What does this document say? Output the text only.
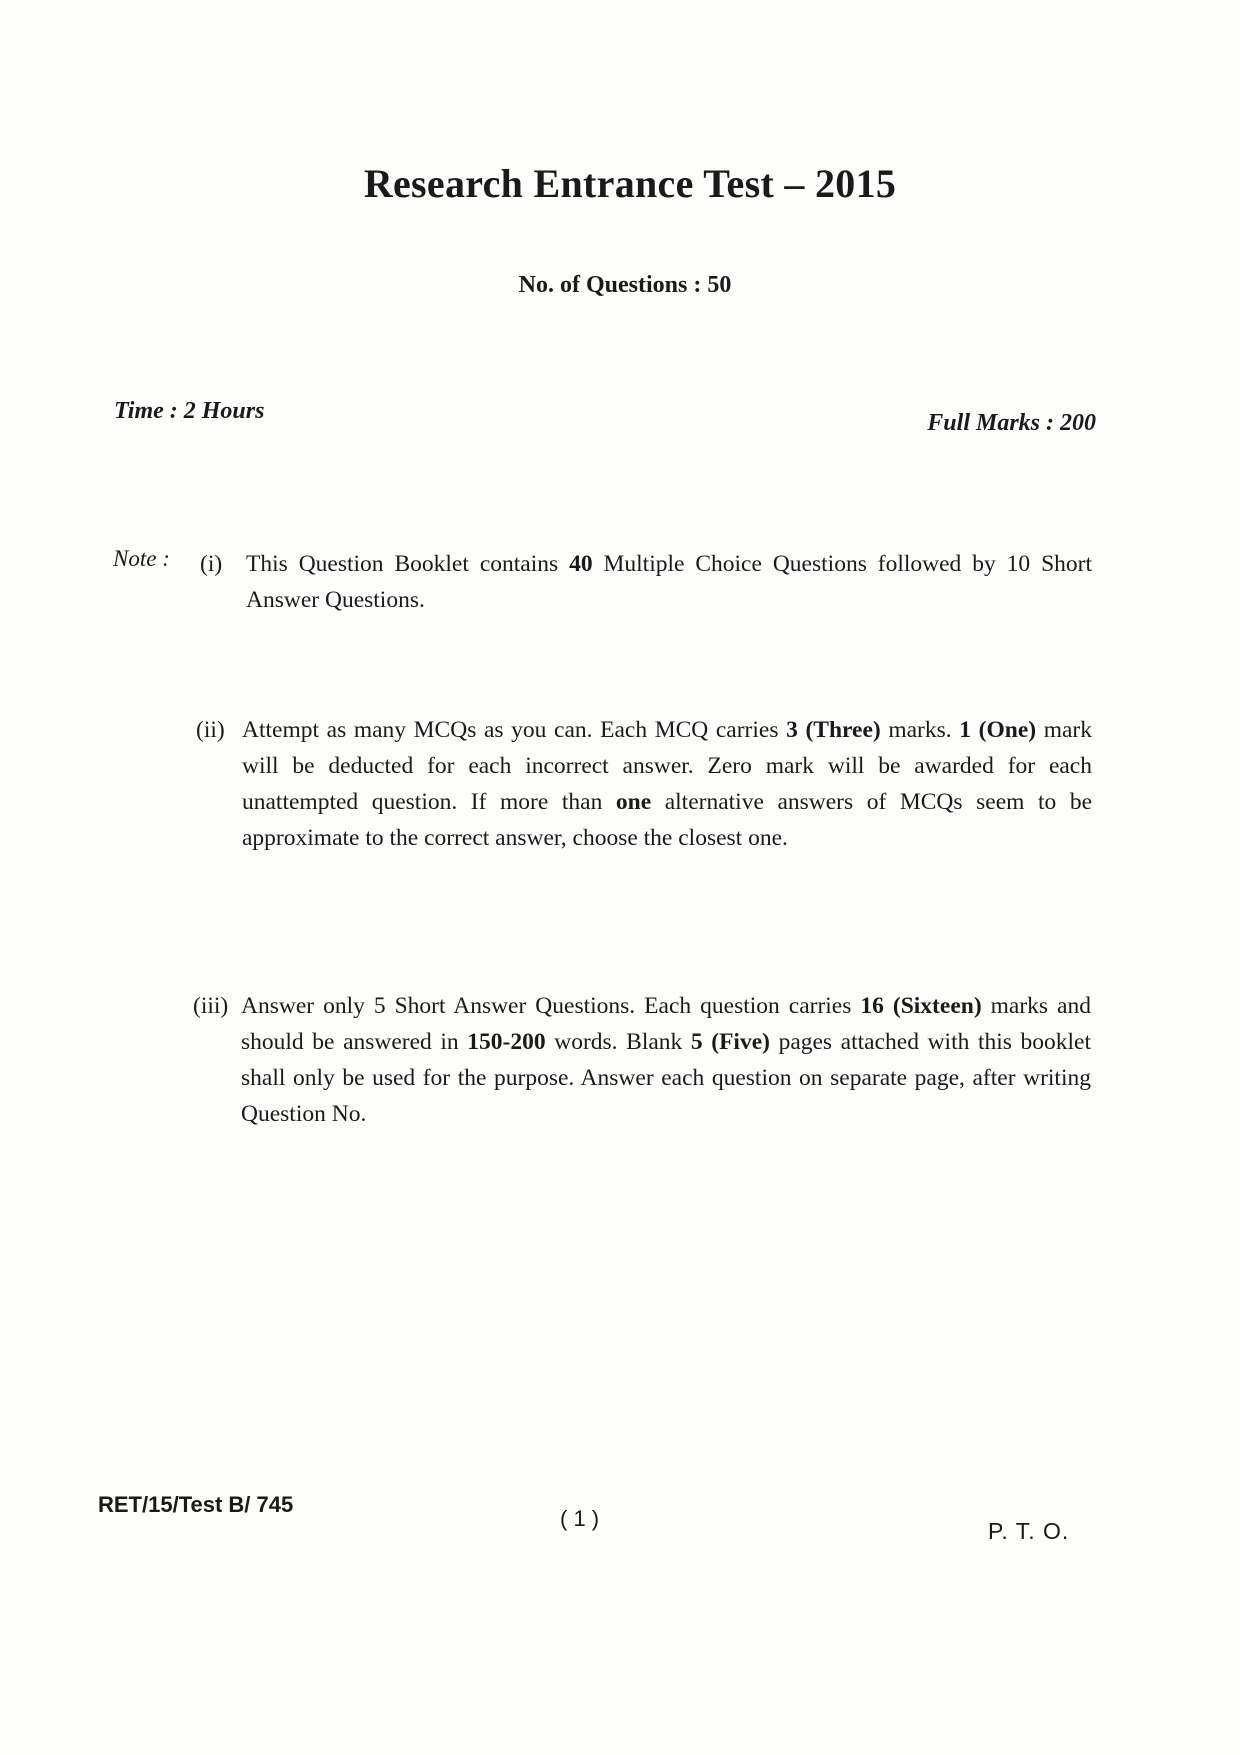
Research Entrance Test – 2015
No. of Questions : 50
Time : 2 Hours	Full Marks : 200
Note : (i) This Question Booklet contains 40 Multiple Choice Questions followed by 10 Short Answer Questions.
(ii) Attempt as many MCQs as you can. Each MCQ carries 3 (Three) marks. 1 (One) mark will be deducted for each incorrect answer. Zero mark will be awarded for each unattempted question. If more than one alternative answers of MCQs seem to be approximate to the correct answer, choose the closest one.
(iii) Answer only 5 Short Answer Questions. Each question carries 16 (Sixteen) marks and should be answered in 150-200 words. Blank 5 (Five) pages attached with this booklet shall only be used for the purpose. Answer each question on separate page, after writing Question No.
RET/15/Test B/ 745
( 1 )	P. T. O.
